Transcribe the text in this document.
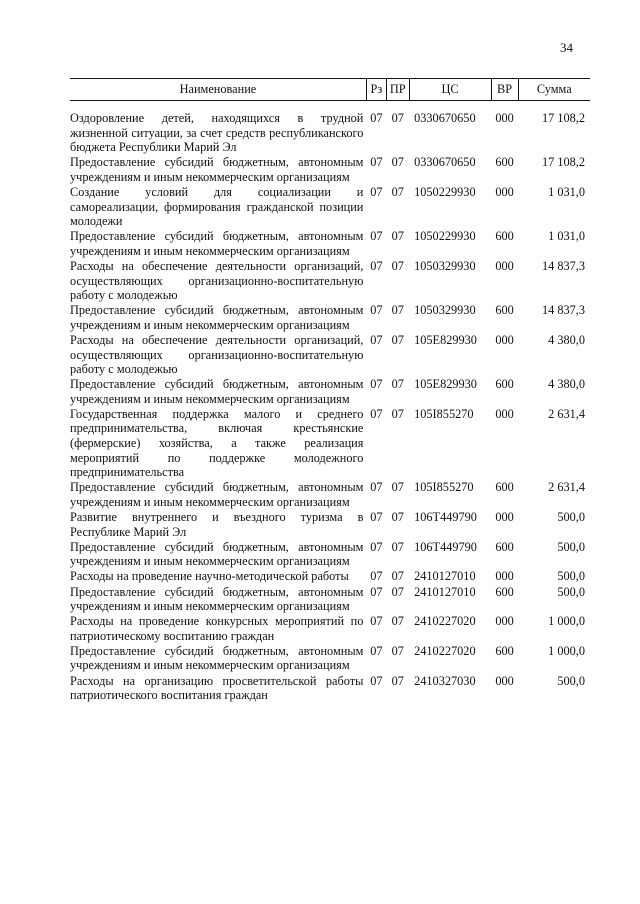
34
Наименование	Рз	ПР	ЦС	ВР	Сумма
Оздоровление детей, находящихся в трудной жизненной ситуации, за счет средств республиканского бюджета Республики Марий Эл	07	07	0330670650	000	17 108,2
Предоставление субсидий бюджетным, автономным учреждениям и иным некоммерческим организациям	07	07	0330670650	600	17 108,2
Создание условий для социализации и самореализации, формирования гражданской позиции молодежи	07	07	1050229930	000	1 031,0
Предоставление субсидий бюджетным, автономным учреждениям и иным некоммерческим организациям	07	07	1050229930	600	1 031,0
Расходы на обеспечение деятельности организаций, осуществляющих организационно-воспитательную работу с молодежью	07	07	1050329930	000	14 837,3
Предоставление субсидий бюджетным, автономным учреждениям и иным некоммерческим организациям	07	07	1050329930	600	14 837,3
Расходы на обеспечение деятельности организаций, осуществляющих организационно-воспитательную работу с молодежью	07	07	105E829930	000	4 380,0
Предоставление субсидий бюджетным, автономным учреждениям и иным некоммерческим организациям	07	07	105E829930	600	4 380,0
Государственная поддержка малого и среднего предпринимательства, включая крестьянские (фермерские) хозяйства, а также реализация мероприятий по поддержке молодежного предпринимательства	07	07	105I855270	000	2 631,4
Предоставление субсидий бюджетным, автономным учреждениям и иным некоммерческим организациям	07	07	105I855270	600	2 631,4
Развитие внутреннего и въездного туризма в Республике Марий Эл	07	07	106T449790	000	500,0
Предоставление субсидий бюджетным, автономным учреждениям и иным некоммерческим организациям	07	07	106T449790	600	500,0
Расходы на проведение научно-методической работы	07	07	2410127010	000	500,0
Предоставление субсидий бюджетным, автономным учреждениям и иным некоммерческим организациям	07	07	2410127010	600	500,0
Расходы на проведение конкурсных мероприятий по патриотическому воспитанию граждан	07	07	2410227020	000	1 000,0
Предоставление субсидий бюджетным, автономным учреждениям и иным некоммерческим организациям	07	07	2410227020	600	1 000,0
Расходы на организацию просветительской работы патриотического воспитания граждан	07	07	2410327030	000	500,0
